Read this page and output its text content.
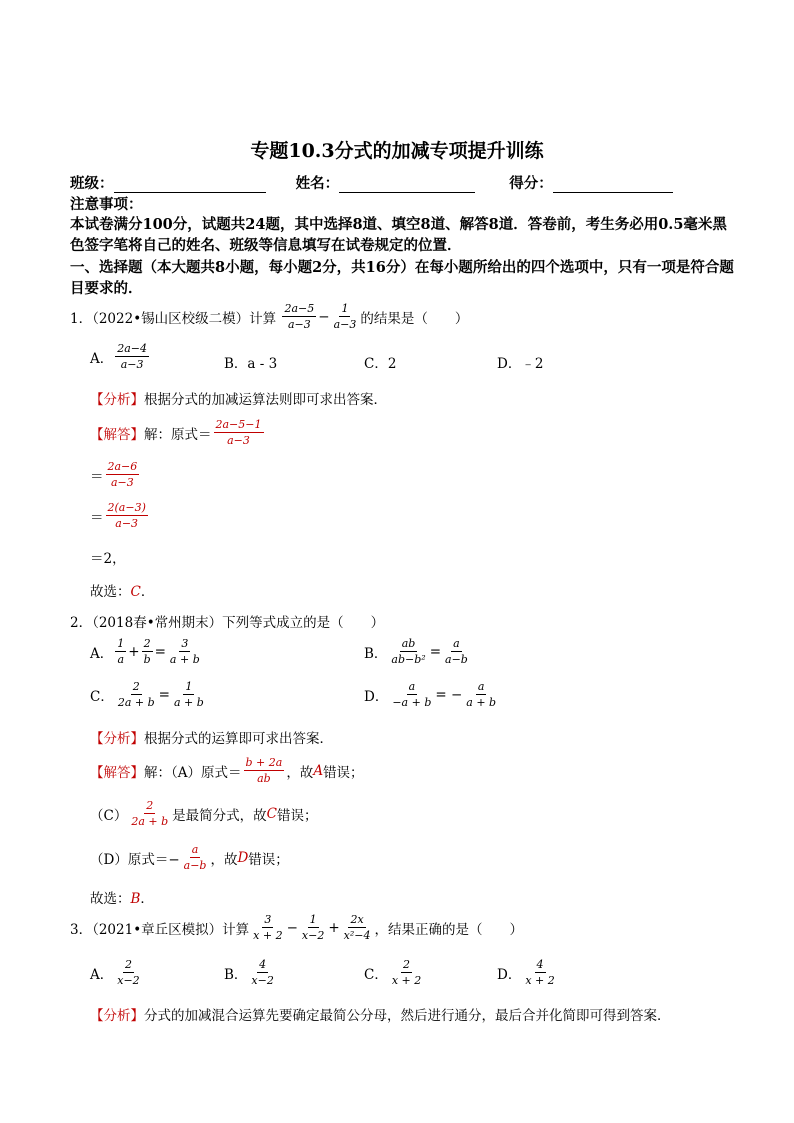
专题10.3分式的加减专项提升训练
班级：	姓名：	得分：
注意事项：
本试卷满分100分，试题共24题，其中选择8道、填空8道、解答8道．答卷前，考生务必用0.5毫米黑
色签字笔将自己的姓名、班级等信息填写在试卷规定的位置．
一、选择题（本大题共8小题，每小题2分，共16分）在每小题所给出的四个选项中，只有一项是符合题
目要求的．
1．（2022•锡山区校级二模）计算 $\frac{2a-5}{a-3} - \frac{1}{a-3}$ 的结果是（　　）
A． $\frac{2a-4}{a-3}$	B．a - 3	C．2	D．﹣2
【分析】根据分式的加减运算法则即可求出答案．
【解答】解：原式＝ $\frac{2a-5-1}{a-3}$
＝ $\frac{2a-6}{a-3}$
＝ $\frac{2(a-3)}{a-3}$
＝2，
故选：C．
2．（2018春•常州期末）下列等式成立的是（　　）
A． $\frac{1}{a} + \frac{2}{b} = \frac{3}{a + b}$	B． $\frac{ab}{\text{ab−b²}} = \frac{a}{a-b}$
C． $\frac{2}{2a + b} = \frac{1}{a + b}$	D． $\frac{a}{-a + b}$ = − $\frac{a}{a + b}$
【分析】根据分式的运算即可求出答案．
【解答】解：（A）原式＝ $\frac{b + 2a}{ab}$ ，故A错误；
$(C) \frac{2}{2a + b}$ 是最简分式，故C错误；
（D）原式＝− $\frac{a}{a-b}$ ，故D错误；
故选：B．
3．（2021•章丘区模拟）计算 $\frac{3}{x + 2} - \frac{1}{x-2} + \frac{2x}{\text{x²−4}}$ ，结果正确的是（　　）
A． $\frac{2}{x-2}$	B． $\frac{4}{x-2}$	C． $\frac{2}{x + 2}$	D． $\frac{4}{x + 2}$
【分析】分式的加减混合运算先要确定最简公分母，然后进行通分，最后合并化简即可得到答案．
